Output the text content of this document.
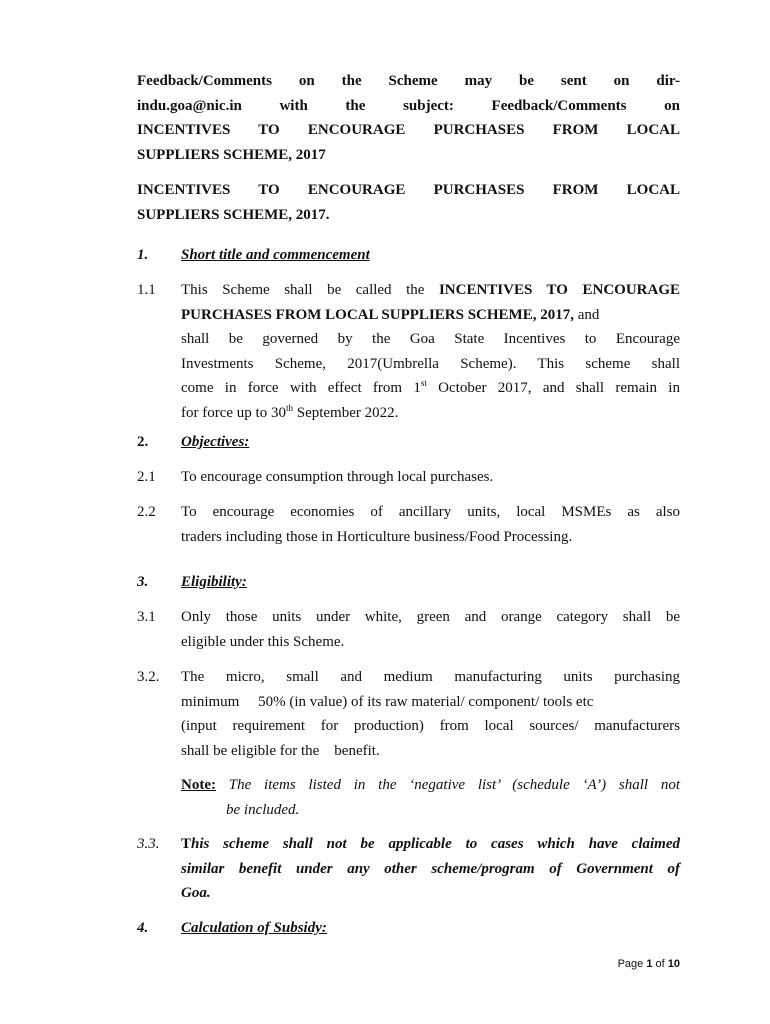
Feedback/Comments on the Scheme may be sent on dir-
indu.goa@nic.in with the subject: Feedback/Comments on
INCENTIVES TO ENCOURAGE PURCHASES FROM LOCAL
SUPPLIERS SCHEME, 2017
INCENTIVES TO ENCOURAGE PURCHASES FROM LOCAL
SUPPLIERS SCHEME, 2017.
1. Short title and commencement
1.1 This Scheme shall be called the INCENTIVES TO ENCOURAGE
PURCHASES FROM LOCAL SUPPLIERS SCHEME, 2017, and
shall be governed by the Goa State Incentives to Encourage
Investments Scheme, 2017(Umbrella Scheme). This scheme shall
come in force with effect from 1st October 2017, and shall remain in
for force up to 30th September 2022.
2. Objectives:
2.1 To encourage consumption through local purchases.
2.2 To encourage economies of ancillary units, local MSMEs as also
traders including those in Horticulture business/Food Processing.
3. Eligibility:
3.1 Only those units under white, green and orange category shall be
eligible under this Scheme.
3.2. The micro, small and medium manufacturing units purchasing
minimum     50% (in value) of its raw material/ component/ tools etc
(input requirement for production) from local sources/ manufacturers
shall be eligible for the    benefit.
Note: The items listed in the ‘negative list’ (schedule ‘A’) shall not
be included.
3.3. This scheme shall not be applicable to cases which have claimed
similar benefit under any other scheme/program of Government of
Goa.
4. Calculation of Subsidy:
Page 1 of 10
